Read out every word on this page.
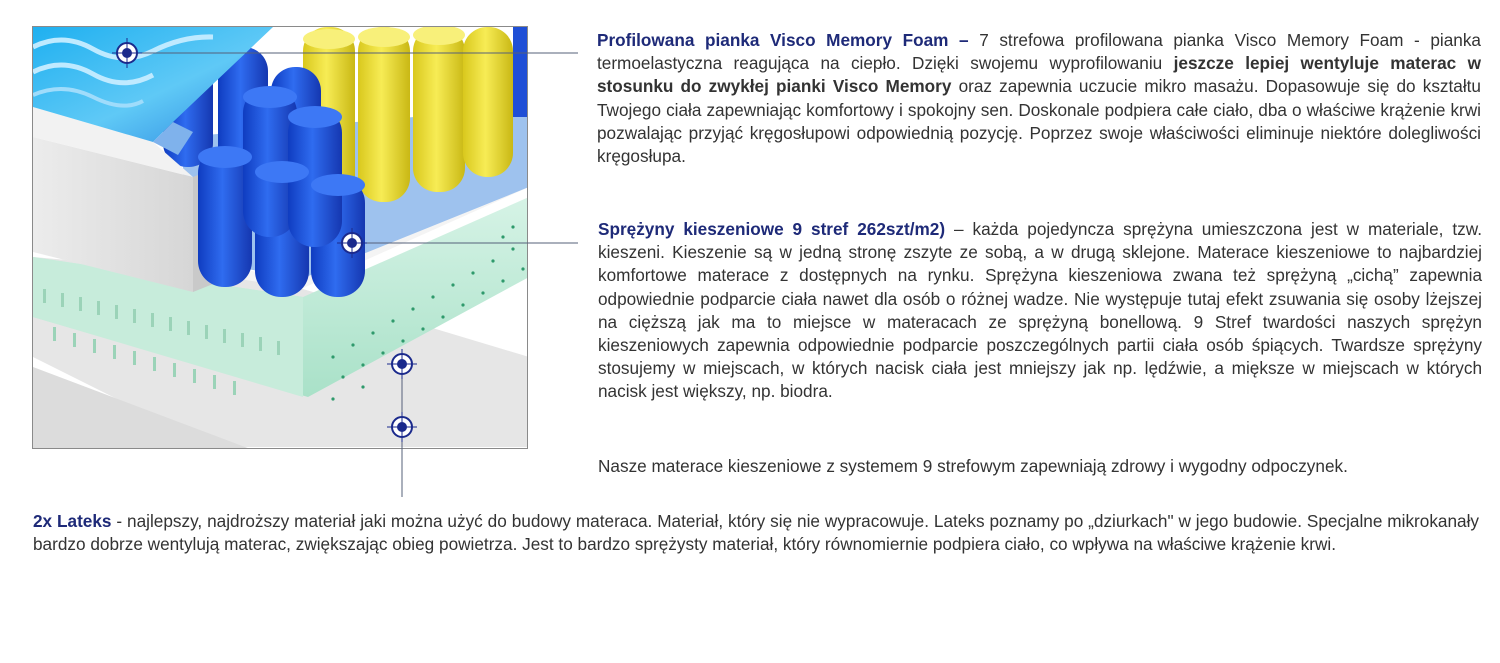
Profilowana pianka Visco Memory Foam – 7 strefowa profilowana pianka Visco Memory Foam - pianka termoelastyczna reagująca na ciepło. Dzięki swojemu wyprofilowaniu jeszcze lepiej wentyluje materac w stosunku do zwykłej pianki Visco Memory oraz zapewnia uczucie mikro masażu. Dopasowuje się do kształtu Twojego ciała zapewniając komfortowy i spokojny sen. Doskonale podpiera całe ciało, dba o właściwe krążenie krwi pozwalając przyjąć kręgosłupowi odpowiednią pozycję. Poprzez swoje właściwości eliminuje niektóre dolegliwości kręgosłupa.

Sprężyny kieszeniowe 9 stref 262szt/m2) – każda pojedyncza sprężyna umieszczona jest w materiale, tzw. kieszeni. Kieszenie są w jedną stronę zszyte ze sobą, a w drugą sklejone. Materace kieszeniowe to najbardziej komfortowe materace z dostępnych na rynku. Sprężyna kieszeniowa zwana też sprężyną „cichą” zapewnia odpowiednie podparcie ciała nawet dla osób o różnej wadze. Nie występuje tutaj efekt zsuwania się osoby lżejszej na cięższą jak ma to miejsce w materacach ze sprężyną bonellową. 9 Stref twardości naszych sprężyn kieszeniowych zapewnia odpowiednie podparcie poszczególnych partii ciała osób śpiących. Twardsze sprężyny stosujemy w miejscach, w których nacisk ciała jest mniejszy jak np. lędźwie, a miększe w miejscach w których nacisk jest większy, np. biodra.

Nasze materace kieszeniowe z systemem 9 strefowym zapewniają zdrowy i wygodny odpoczynek.

2x Lateks - najlepszy, najdroższy materiał jaki można użyć do budowy materaca. Materiał, który się nie wypracowuje. Lateks poznamy po „dziurkach" w jego budowie. Specjalne mikrokanały bardzo dobrze wentylują materac, zwiększając obieg powietrza. Jest to bardzo sprężysty materiał, który równomiernie podpiera ciało, co wpływa na właściwe krążenie krwi.
